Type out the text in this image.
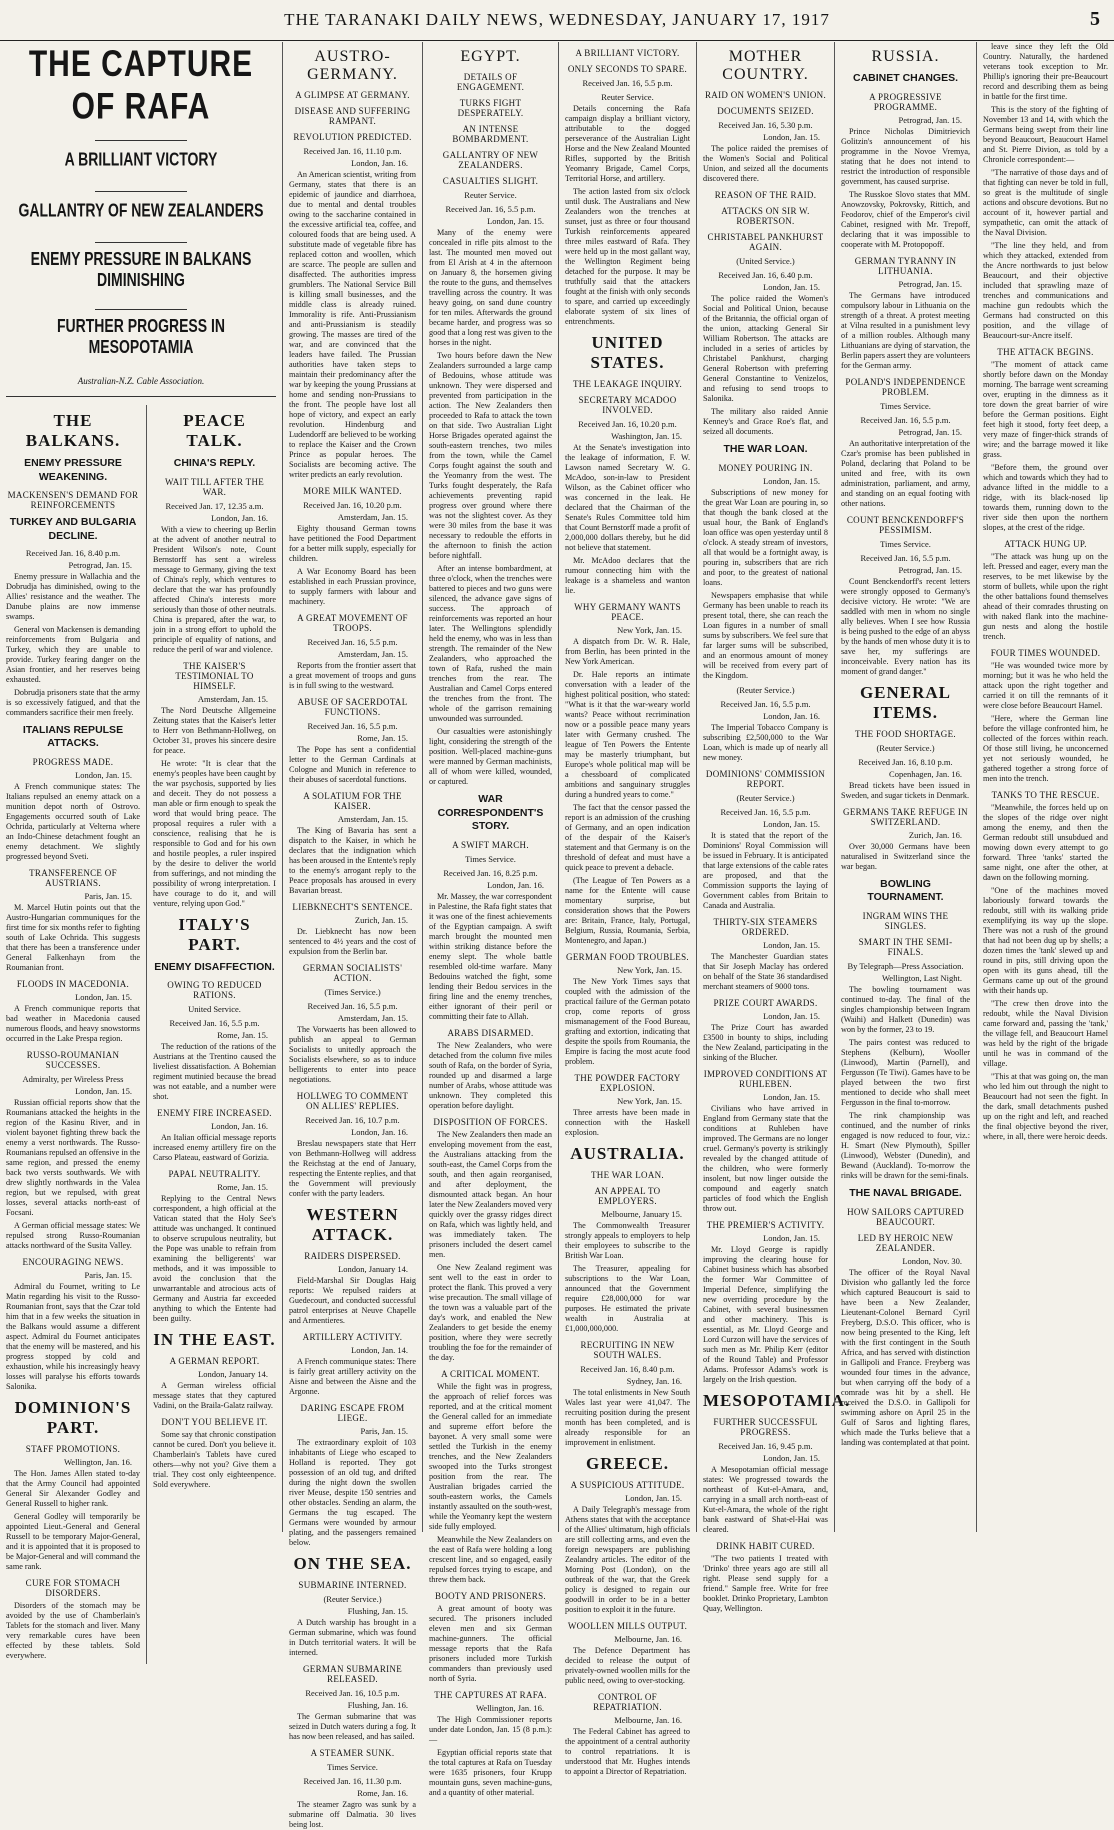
THE TARANAKI DAILY NEWS, WEDNESDAY, JANUARY 17, 1917	5
THE CAPTURE OF RAFA
A BRILLIANT VICTORY
GALLANTRY OF NEW ZEALANDERS
ENEMY PRESSURE IN BALKANS DIMINISHING
FURTHER PROGRESS IN MESOPOTAMIA
Australian-N.Z. Cable Association.
THE BALKANS.
ENEMY PRESSURE WEAKENING.
MACKENSEN'S DEMAND FOR REINFORCEMENTS
TURKEY AND BULGARIA DECLINE.
Received Jan. 16, 8.40 p.m.
Petrograd, Jan. 15.

Enemy pressure in Wallachia and the Dobrudja has diminished, owing to the Allies' resistance and the weather. The Danube plains are now immense swamps.

General von Mackensen is demanding reinforcements from Bulgaria and Turkey, which they are unable to provide. Turkey fearing danger on the Asian frontier, and her reserves being exhausted.

Dobrudja prisoners state that the army is so excessively fatigued, and that the commanders sacrifice their men freely.

ITALIANS REPULSE ATTACKS.
PROGRESS MADE.
London, Jan. 15.

A French communique states: The Italians repulsed an enemy attack on a munition depot north of Ostrovo. Engagements occurred south of Lake Ochrida, particularly at Velterna where an Indo-Chinese detachment fought an enemy detachment. We slightly progressed beyond Sveti.

TRANSFERENCE OF AUSTRIANS.
Paris, Jan. 15.

M. Marcel Hutin points out that the Austro-Hungarian communiques for the first time for six months refer to fighting south of Lake Ochrida. This suggests that there has been a transference under General Falkenhayn from the Roumanian front.

FLOODS IN MACEDONIA.
London, Jan. 15.

A French communique reports that bad weather in Macedonia caused numerous floods, and heavy snowstorms occurred in the Lake Prespa region.

RUSSO-ROUMANIAN SUCCESSES.
Admiralty, per Wireless Press
London, Jan. 15.

Russian official reports show that the Roumanians attacked the heights in the region of the Kasinu River, and in violent bayonet fighting threw back the enemy a verst northwards. The Russo-Roumanians repulsed an offensive in the same region, and pressed the enemy back two versts southwards. We with drew slightly northwards in the Valea region, but we repulsed, with great losses, several attacks north-east of Focsani.

A German official message states: We repulsed strong Russo-Roumanian attacks northward of the Susita Valley.

ENCOURAGING NEWS.
Paris, Jan. 15.

Admiral du Fournet, writing to Le Matin regarding his visit to the Russo-Roumanian front, says that the Czar told him that in a few weeks the situation in the Balkans would assume a different aspect. Admiral du Fournet anticipates that the enemy will be mastered, and his progress stopped by cold and exhaustion, while his increasingly heavy losses will paralyse his efforts towards Salonika.

DOMINION'S PART.
STAFF PROMOTIONS.
Wellington, Jan. 16.

The Hon. James Allen stated to-day that the Army Council had appointed General Sir Alexander Godley and General Russell to higher rank.

General Godley will temporarily be appointed Lieut.-General and General Russell to be temporary Major-General, and it is appointed that it is proposed to be Major-General and will command the same rank.

CURE FOR STOMACH DISORDERS.

Disorders of the stomach may be avoided by the use of Chamberlain's Tablets for the stomach and liver. Many very remarkable cures have been effected by these tablets. Sold everywhere.

PEACE TALK.
CHINA'S REPLY.
WAIT TILL AFTER THE WAR.
Received Jan. 17, 12.35 a.m.
London, Jan. 16.

With a view to cheering up Berlin at the advent of another neutral to President Wilson's note, Count Bernstorff has sent a wireless message to Germany, giving the text of China's reply, which ventures to declare that the war has profoundly affected China's interests more seriously than those of other neutrals. China is prepared, after the war, to join in a strong effort to uphold the principle of equality of nations, and reduce the peril of war and violence.

THE KAISER'S TESTIMONIAL TO HIMSELF.
Amsterdam, Jan. 15.

The Nord Deutsche Allgemeine Zeitung states that the Kaiser's letter to Herr von Bethmann-Hollweg, on October 31, proves his sincere desire for peace.

He wrote: "It is clear that the enemy's peoples have been caught by the war psychosis, supported by lies and deceit. They do not possess a man able or firm enough to speak the word that would bring peace. The proposal requires a ruler with a conscience, realising that he is responsible to God and for his own and hostile peoples, a ruler inspired by the desire to deliver the world from sufferings, and not minding the possibility of wrong interpretation. I have courage to do it, and will venture, relying upon God."

ITALY'S PART.
ENEMY DISAFFECTION.
OWING TO REDUCED RATIONS.
United Service.
Received Jan. 16, 5.5 p.m.
Rome, Jan. 15.

The reduction of the rations of the Austrians at the Trentino caused the liveliest dissatisfaction. A Bohemian regiment mutinied because the bread was not eatable, and a number were shot.

ENEMY FIRE INCREASED.
London, Jan. 16.

An Italian official message reports increased enemy artillery fire on the Carso Plateau, eastward of Gorizia.

PAPAL NEUTRALITY.
Rome, Jan. 15.

Replying to the Central News correspondent, a high official at the Vatican stated that the Holy See's attitude was unchanged. It continued to observe scrupulous neutrality, but the Pope was unable to refrain from examining the belligerents' war methods, and it was impossible to avoid the conclusion that the unwarrantable and atrocious acts of Germany and Austria far exceeded anything to which the Entente had been guilty.

IN THE EAST.
A GERMAN REPORT.
London, January 14.

A German wireless official message states that they captured Vadini, on the Braila-Galatz railway.

DON'T YOU BELIEVE IT.

Some say that chronic constipation cannot be cured. Don't you believe it. Chamberlain's Tablets have cured others—why not you? Give them a trial. They cost only eighteenpence. Sold everywhere.

AUSTRO-GERMANY.
A GLIMPSE AT GERMANY.
DISEASE AND SUFFERING RAMPANT.
REVOLUTION PREDICTED.
Received Jan. 16, 11.10 p.m.
London, Jan. 16.

An American scientist, writing from Germany, states that there is an epidemic of jaundice and diarrhoea, due to mental and dental troubles owing to the saccharine contained in the excessive artificial tea, coffee, and coloured foods that are being used. A substitute made of vegetable fibre has replaced cotton and woollen, which are scarce. The people are sullen and disaffected. The authorities impress grumblers. The National Service Bill is killing small businesses, and the middle class is already ruined. Immorality is rife. Anti-Prussianism and anti-Prussianism is steadily growing. The masses are tired of the war, and are convinced that the leaders have failed. The Prussian authorities have taken steps to maintain their predominancy after the war by keeping the young Prussians at home and sending non-Prussians to the front. The people have lost all hope of victory, and expect an early revolution. Hindenburg and Ludendorff are believed to be working to replace the Kaiser and the Crown Prince as popular heroes. The Socialists are becoming active. The writer predicts an early revolution.

MORE MILK WANTED.
Received Jan. 16, 10.20 p.m.
Amsterdam, Jan. 15.

Eighty thousand German towns have petitioned the Food Department for a better milk supply, especially for children.

A War Economy Board has been established in each Prussian province, to supply farmers with labour and machinery.

A GREAT MOVEMENT OF TROOPS.
Received Jan. 16, 5.5 p.m.
Amsterdam, Jan. 15.

Reports from the frontier assert that a great movement of troops and guns is in full swing to the westward.

ABUSE OF SACERDOTAL FUNCTIONS.
Received Jan. 16, 5.5 p.m.
Rome, Jan. 15.

The Pope has sent a confidential letter to the German Cardinals at Cologne and Munich in reference to their abuses of sacerdotal functions.

A SOLATIUM FOR THE KAISER.
Amsterdam, Jan. 15.

The King of Bavaria has sent a dispatch to the Kaiser, in which he declares that the indignation which has been aroused in the Entente's reply to the enemy's arrogant reply to the Peace proposals has aroused in every Bavarian breast.

LIEBKNECHT'S SENTENCE.
Zurich, Jan. 15.

Dr. Liebknecht has now been sentenced to 4½ years and the cost of expulsion from the Berlin bar.

GERMAN SOCIALISTS' ACTION.
(Times Service.)
Received Jan. 16, 5.5 p.m.
Amsterdam, Jan. 15.

The Vorwaerts has been allowed to publish an appeal to German Socialists to unitedly approach the Socialists elsewhere, so as to induce belligerents to enter into peace negotiations.

HOLLWEG TO COMMENT ON ALLIES' REPLIES.
Received Jan. 16, 10.7 p.m.
London, Jan. 16.

Breslau newspapers state that Herr von Bethmann-Hollweg will address the Reichstag at the end of January, respecting the Entente replies, and that the Government will previously confer with the party leaders.

WESTERN ATTACK.
RAIDERS DISPERSED.
London, January 14.

Field-Marshal Sir Douglas Haig reports: We repulsed raiders at Guedecourt, and conducted successful patrol enterprises at Neuve Chapelle and Armentieres.

ARTILLERY ACTIVITY.
London, Jan. 14.

A French communique states: There is fairly great artillery activity on the Aisne and between the Aisne and the Argonne.

DARING ESCAPE FROM LIEGE.
Paris, Jan. 15.

The extraordinary exploit of 103 inhabitants of Liege who escaped to Holland is reported. They got possession of an old tug, and drifted during the night down the swollen river Meuse, despite 150 sentries and other obstacles. Sending an alarm, the Germans the tug escaped. The Germans were wounded by armour plating, and the passengers remained below.

ON THE SEA.
SUBMARINE INTERNED.
(Reuter Service.)
Flushing, Jan. 15.

A Dutch warship has brought in a German submarine, which was found in Dutch territorial waters. It will be interned.

GERMAN SUBMARINE RELEASED.
Received Jan. 16, 10.5 p.m.
Flushing, Jan. 16.

The German submarine that was seized in Dutch waters during a fog. It has now been released, and has sailed.

A STEAMER SUNK.
Times Service.
Received Jan. 16, 11.30 p.m.
Rome, Jan. 16.

The steamer Zagro was sunk by a submarine off Dalmatia. 30 lives being lost.

EGYPT.
DETAILS OF ENGAGEMENT.
TURKS FIGHT DESPERATELY.
AN INTENSE BOMBARDMENT.
GALLANTRY OF NEW ZEALANDERS.
CASUALTIES SLIGHT.
Reuter Service.
Received Jan. 16, 5.5 p.m.
London, Jan. 15.

Many of the enemy were concealed in rifle pits almost to the last. The mounted men moved out from El Arish at 4 in the afternoon on January 8, the horsemen giving the route to the guns, and themselves travelling across the country. It was heavy going, on sand dune country for ten miles. Afterwards the ground became harder, and progress was so good that a long rest was given to the horses in the night.

Two hours before dawn the New Zealanders surrounded a large camp of Bedouins, whose attitude was unknown. They were dispersed and prevented from participation in the action. The New Zealanders then proceeded to Rafa to attack the town on that side. Two Australian Light Horse Brigades operated against the south-eastern trenches, two miles from the town, while the Camel Corps fought against the south and the Yeomanry from the west. The Turks fought desperately, the Rafa achievements preventing rapid progress over ground where there was not the slightest cover. As they were 30 miles from the base it was necessary to redouble the efforts in the afternoon to finish the action before nightfall.

After an intense bombardment, at three o'clock, when the trenches were battered to pieces and two guns were silenced, the advance gave signs of success. The approach of reinforcements was reported an hour later. The Wellingtons splendidly held the enemy, who was in less than strength. The remainder of the New Zealanders, who approached the town of Rafa, rushed the main trenches from the rear. The Australian and Camel Corps entered the trenches from the front. The whole of the garrison remaining unwounded was surrounded.

Our casualties were astonishingly light, considering the strength of the position. Well-placed machine-guns were manned by German machinists, all of whom were killed, wounded, or captured.

WAR CORRESPONDENT'S STORY.
A SWIFT MARCH.
Times Service.
Received Jan. 16, 8.25 p.m.
London, Jan. 16.

Mr. Massey, the war correspondent in Palestine, the Rafa fight states that it was one of the finest achievements of the Egyptian campaign. A swift march brought the mounted men within striking distance before the enemy slept. The whole battle resembled old-time warfare. Many Bedouins watched the fight, some lending their Bedou services in the firing line and the enemy trenches, either ignorant of their peril or committing their fate to Allah.

ARABS DISARMED.

The New Zealanders, who were detached from the column five miles south of Rafa, on the border of Syria, rounded up and disarmed a large number of Arabs, whose attitude was unknown. They completed this operation before daylight.

DISPOSITION OF FORCES.

The New Zealanders then made an enveloping movement from the east, the Australians attacking from the south-east, the Camel Corps from the south, and then again reorganised, and after deployment, the dismounted attack began. An hour later the New Zealanders moved very quickly over the grassy ridges direct on Rafa, which was lightly held, and was immediately taken. The prisoners included the desert camel men.

One New Zealand regiment was sent well to the east in order to protect the flank. This proved a very wise precaution. The small village of the town was a valuable part of the day's work, and enabled the New Zealanders to get beside the enemy position, where they were secretly troubling the foe for the remainder of the day.

A CRITICAL MOMENT.

While the fight was in progress, the approach of relief forces was reported, and at the critical moment the General called for an immediate and supreme effort before the bayonet. A very small some were settled the Turkish in the enemy trenches, and the New Zealanders swooped into the Turks strongest position from the rear. The Australian brigades carried the south-eastern works, the Camels instantly assaulted on the south-west, while the Yeomanry kept the western side fully employed.

Meanwhile the New Zealanders on the east of Rafa were holding a long crescent line, and so engaged, easily repulsed forces trying to escape, and threw them back.

BOOTY AND PRISONERS.

A great amount of booty was secured. The prisoners included eleven men and six German machine-gunners. The official message reports that the Rafa prisoners included more Turkish commanders than previously used north of Syria.

THE CAPTURES AT RAFA.
Wellington, Jan. 16.

The High Commissioner reports under date London, Jan. 15 (8 p.m.):—

Egyptian official reports state that the total captures at Rafa on Tuesday were 1635 prisoners, four Krupp mountain guns, seven machine-guns, and a quantity of other material.

A BRILLIANT VICTORY.
ONLY SECONDS TO SPARE.
Received Jan. 16, 5.5 p.m.
Reuter Service.

Details concerning the Rafa campaign display a brilliant victory, attributable to the dogged perseverance of the Australian Light Horse and the New Zealand Mounted Rifles, supported by the British Yeomanry Brigade, Camel Corps, Territorial Horse, and artillery.

The action lasted from six o'clock until dusk. The Australians and New Zealanders won the trenches at sunset, just as three or four thousand Turkish reinforcements appeared three miles eastward of Rafa. They were held up in the most gallant way, the Wellington Regiment being detached for the purpose. It may be truthfully said that the attackers fought at the finish with only seconds to spare, and carried up exceedingly elaborate system of six lines of entrenchments.

UNITED STATES.
THE LEAKAGE INQUIRY.
SECRETARY MCADOO INVOLVED.
Received Jan. 16, 10.20 p.m.
Washington, Jan. 15.

At the Senate's investigation into the leakage of information, F. W. Lawson named Secretary W. G. McAdoo, son-in-law to President Wilson, as the Cabinet officer who was concerned in the leak. He declared that the Chairman of the Senate's Rules Committee told him that Count Bernstorff made a profit of 2,000,000 dollars thereby, but he did not believe that statement.

Mr. McAdoo declares that the rumour connecting him with the leakage is a shameless and wanton lie.

WHY GERMANY WANTS PEACE.
New York, Jan. 15.

A dispatch from Dr. W. R. Hale, from Berlin, has been printed in the New York American.

Dr. Hale reports an intimate conversation with a leader of the highest political position, who stated: "What is it that the war-weary world wants? Peace without recrimination now or a possible peace many years later with Germany crushed. The league of Ten Powers the Entente may be masterly triumphant, but Europe's whole political map will be a chessboard of complicated ambitions and sanguinary struggles during a hundred years to come."

The fact that the censor passed the report is an admission of the crushing of Germany, and an open indication of the despair of the Kaiser's statement and that Germany is on the threshold of defeat and must have a quick peace to prevent a debacle.

(The League of Ten Powers as a name for the Entente will cause momentary surprise, but consideration shows that the Powers are: Britain, France, Italy, Portugal, Belgium, Russia, Roumania, Serbia, Montenegro, and Japan.)

GERMAN FOOD TROUBLES.
New York, Jan. 15.

The New York Times says that coupled with the admission of the practical failure of the German potato crop, come reports of gross mismanagement of the Food Bureau, grafting and extortion, indicating that despite the spoils from Roumania, the Empire is facing the most acute food problem.

THE POWDER FACTORY EXPLOSION.
New York, Jan. 15.

Three arrests have been made in connection with the Haskell explosion.

AUSTRALIA.
THE WAR LOAN.
AN APPEAL TO EMPLOYERS.
Melbourne, January 15.

The Commonwealth Treasurer strongly appeals to employers to help their employees to subscribe to the British War Loan.

The Treasurer, appealing for subscriptions to the War Loan, announced that the Government require £28,000,000 for war purposes. He estimated the private wealth in Australia at £1,000,000,000.

RECRUITING IN NEW SOUTH WALES.
Received Jan. 16, 8.40 p.m.
Sydney, Jan. 16.

The total enlistments in New South Wales last year were 41,047. The recruiting position during the present month has been completed, and is already responsible for an improvement in enlistment.

GREECE.
A SUSPICIOUS ATTITUDE.
London, Jan. 15.

A Daily Telegraph's message from Athens states that with the acceptance of the Allies' ultimatum, high officials are still collecting arms, and even the foreign newspapers are publishing Zealandry articles. The editor of the Morning Post (London), on the outbreak of the war, that the Greek policy is designed to regain our goodwill in order to be in a better position to exploit it in the future.

WOOLLEN MILLS OUTPUT.
Melbourne, Jan. 16.

The Defence Department has decided to release the output of privately-owned woollen mills for the public need, owing to over-stocking.

CONTROL OF REPATRIATION.
Melbourne, Jan. 16.

The Federal Cabinet has agreed to the appointment of a central authority to control repatriations. It is understood that Mr. Hughes intends to appoint a Director of Repatriation.

MOTHER COUNTRY.
RAID ON WOMEN'S UNION.
DOCUMENTS SEIZED.
Received Jan. 16, 5.30 p.m.
London, Jan. 15.

The police raided the premises of the Women's Social and Political Union, and seized all the documents discovered there.

REASON OF THE RAID.
ATTACKS ON SIR W. ROBERTSON.
CHRISTABEL PANKHURST AGAIN.
(United Service.)
Received Jan. 16, 6.40 p.m.
London, Jan. 15.

The police raided the Women's Social and Political Union, because of the Britannia, the official organ of the union, attacking General Sir William Robertson. The attacks are included in a series of articles by Christabel Pankhurst, charging General Robertson with preferring General Constantine to Venizelos, and refusing to send troops to Salonika.

The military also raided Annie Kenney's and Grace Roe's flat, and seized all documents.

THE WAR LOAN.
MONEY POURING IN.
London, Jan. 15.

Subscriptions of new money for the great War Loan are pouring in, so that though the bank closed at the usual hour, the Bank of England's loan office was open yesterday until 8 o'clock. A steady stream of investors, all that would be a fortnight away, is pouring in, subscribers that are rich and poor, to the greatest of national loans.

Newspapers emphasise that while Germany has been unable to reach its present total, there, she can reach the Loan figures in a number of small sums by subscribers. We feel sure that far larger sums will be subscribed, and an enormous amount of money will be received from every part of the Kingdom.

(Reuter Service.)
Received Jan. 16, 5.5 p.m.
London, Jan. 16.

The Imperial Tobacco Company is subscribing £2,500,000 to the War Loan, which is made up of nearly all new money.

DOMINIONS' COMMISSION REPORT.
(Reuter Service.)
Received Jan. 16, 5.5 p.m.
London, Jan. 15.

It is stated that the report of the Dominions' Royal Commission will be issued in February. It is anticipated that large extensions of the cable rates are proposed, and that the Commission supports the laying of Government cables from Britain to Canada and Australia.

THIRTY-SIX STEAMERS ORDERED.
London, Jan. 15.

The Manchester Guardian states that Sir Joseph Maclay has ordered on behalf of the State 36 standardised merchant steamers of 9000 tons.

PRIZE COURT AWARDS.
London, Jan. 15.

The Prize Court has awarded £3500 in bounty to ships, including the New Zealand, participating in the sinking of the Blucher.

IMPROVED CONDITIONS AT RUHLEBEN.
London, Jan. 15.

Civilians who have arrived in England from Germany state that the conditions at Ruhleben have improved. The Germans are no longer cruel. Germany's poverty is strikingly revealed by the changed attitude of the children, who were formerly insolent, but now linger outside the compound and eagerly snatch particles of food which the English throw out.

THE PREMIER'S ACTIVITY.
London, Jan. 15.

Mr. Lloyd George is rapidly improving the clearing house for Cabinet business which has absorbed the former War Committee of Imperial Defence, simplifying the new overriding procedure by the Cabinet, with several businessmen and other machinery. This is essential, as Mr. Lloyd George and Lord Curzon will have the services of such men as Mr. Philip Kerr (editor of the Round Table) and Professor Adams. Professor Adams's work is largely on the Irish question.

MESOPOTAMIA.
FURTHER SUCCESSFUL PROGRESS.
Received Jan. 16, 9.45 p.m.
London, Jan. 15.

A Mesopotamian official message states: We progressed towards the northeast of Kut-el-Amara, and, carrying in a small arch north-east of Kut-el-Amara, the whole of the right bank eastward of Shat-el-Hai was cleared.

DRINK HABIT CURED.

"The two patients I treated with 'Drinko' three years ago are still all right. Please send supply for a friend." Sample free. Write for free booklet. Drinko Proprietary, Lambton Quay, Wellington.

RUSSIA.
CABINET CHANGES.
A PROGRESSIVE PROGRAMME.
Petrograd, Jan. 15.

Prince Nicholas Dimitrievich Golitzin's announcement of his programme in the Novoe Vremya, stating that he does not intend to restrict the introduction of responsible government, has caused surprise.

The Russkoe Slovo states that MM. Anowzovsky, Pokrovsky, Rittich, and Feodorov, chief of the Emperor's civil Cabinet, resigned with Mr. Trepoff, declaring that it was impossible to cooperate with M. Protopopoff.

GERMAN TYRANNY IN LITHUANIA.
Petrograd, Jan. 15.

The Germans have introduced compulsory labour in Lithuania on the strength of a threat. A protest meeting at Vilna resulted in a punishment levy of a million roubles. Although many Lithuanians are dying of starvation, the Berlin papers assert they are volunteers for the German army.

POLAND'S INDEPENDENCE PROBLEM.
Times Service.
Received Jan. 16, 5.5 p.m.
Petrograd, Jan. 15.

An authoritative interpretation of the Czar's promise has been published in Poland, declaring that Poland to be united and free, with its own administration, parliament, and army, and standing on an equal footing with other nations.

COUNT BENCKENDORFF'S PESSIMISM.
Times Service.
Received Jan. 16, 5.5 p.m.
Petrograd, Jan. 15.

Count Benckendorff's recent letters were strongly opposed to Germany's decisive victory. He wrote: "We are saddled with men in whom no single ally believes. When I see how Russia is being pushed to the edge of an abyss by the hands of men whose duty it is to save her, my sufferings are inconceivable. Every nation has its moment of grand danger."

GENERAL ITEMS.
THE FOOD SHORTAGE.
(Reuter Service.)
Received Jan. 16, 8.10 p.m.
Copenhagen, Jan. 16.

Bread tickets have been issued in Sweden, and sugar tickets in Denmark.

GERMANS TAKE REFUGE IN SWITZERLAND.
Zurich, Jan. 16.

Over 30,000 Germans have been naturalised in Switzerland since the war began.

BOWLING TOURNAMENT.
INGRAM WINS THE SINGLES.
SMART IN THE SEMI-FINALS.
By Telegraph—Press Association.
Wellington, Last Night.

The bowling tournament was continued to-day. The final of the singles championship between Ingram (Waihi) and Halkett (Dunedin) was won by the former, 23 to 19.

The pairs contest was reduced to Stephens (Kelburn), Wooller (Linwood), Martin (Parnell), and Fergusson (Te Tiwi). Games have to be played between the two first mentioned to decide who shall meet Fergusson in the final to-morrow.

The rink championship was continued, and the number of rinks engaged is now reduced to four, viz.: H. Smart (New Plymouth), Spiller (Linwood), Webster (Dunedin), and Bewand (Auckland). To-morrow the rinks will be drawn for the semi-finals.

THE NAVAL BRIGADE.
HOW SAILORS CAPTURED BEAUCOURT.
LED BY HEROIC NEW ZEALANDER.
London, Nov. 30.

The officer of the Royal Naval Division who gallantly led the force which captured Beaucourt is said to have been a New Zealander, Lieutenant-Colonel Bernard Cyril Freyberg, D.S.O. This officer, who is now being presented to the King, left with the first contingent in the South Africa, and has served with distinction in Gallipoli and France. Freyberg was wounded four times in the advance, but when carrying off the body of a comrade was hit by a shell. He received the D.S.O. in Gallipoli for swimming ashore on April 25 in the Gulf of Saros and lighting flares, which made the Turks believe that a landing was contemplated at that point.

leave since they left the Old Country. Naturally, the hardened veterans took exception to Mr. Phillip's ignoring their pre-Beaucourt record and describing them as being in battle for the first time.

This is the story of the fighting of November 13 and 14, with which the Germans being swept from their line beyond Beaucourt, Beaucourt Hamel and St. Pierre Divion, as told by a Chronicle correspondent:—

"The narrative of those days and of that fighting can never be told in full, so great is the multitude of single actions and obscure devotions. But no account of it, however partial and sympathetic, can omit the attack of the Naval Division.

"The line they held, and from which they attacked, extended from the Ancre northwards to just below Beaucourt, and their objective included that sprawling maze of trenches and communications and machine gun redoubts which the Germans had constructed on this position, and the village of Beaucourt-sur-Ancre itself.

THE ATTACK BEGINS.

"The moment of attack came shortly before dawn on the Monday morning. The barrage went screaming over, erupting in the dimness as it tore down the great barrier of wire before the German positions. Eight feet high it stood, forty feet deep, a very maze of finger-thick strands of wire; and the barrage mowed it like grass.

"Before them, the ground over which and towards which they had to advance lifted in the middle to a ridge, with its black-nosed lip towards them, running down to the river side then upon the northern slopes, at the crest of the ridge.

ATTACK HUNG UP.

"The attack was hung up on the left. Pressed and eager, every man the reserves, to be met likewise by the storm of bullets, while upon the right the other battalions found themselves ahead of their comrades thrusting on with naked flank into the machine-gun nests and along the hostile trench.

FOUR TIMES WOUNDED.

"He was wounded twice more by morning; but it was he who held the attack upon the right together and carried it on till the remnants of it were close before Beaucourt Hamel.

"Here, where the German line before the village confronted him, he collected of the forces within reach. Of those still living, he unconcerned yet not seriously wounded, he gathered together a strong force of men into the trench.

TANKS TO THE RESCUE.

"Meanwhile, the forces held up on the slopes of the ridge over night among the enemy, and then the German redoubt still unsubdued and mowing down every attempt to go forward. Three 'tanks' started the same night, one after the other, at dawn on the following morning.

"One of the machines moved laboriously forward towards the redoubt, still with its walking pride exemplifying its way up the slope. There was not a rush of the ground that had not been dug up by shells; a dozen times the 'tank' slewed up and round in pits, still driving upon the open with its guns ahead, till the Germans came up out of the ground with their hands up.

"The crew then drove into the redoubt, while the Naval Division came forward and, passing the 'tank,' the village fell, and Beaucourt Hamel was held by the right of the brigade until he was in command of the village.

"This at that was going on, the man who led him out through the night to Beaucourt had not seen the fight. In the dark, small detachments pushed up on the right and left, and reached the final objective beyond the river, where, in all, there were heroic deeds.
